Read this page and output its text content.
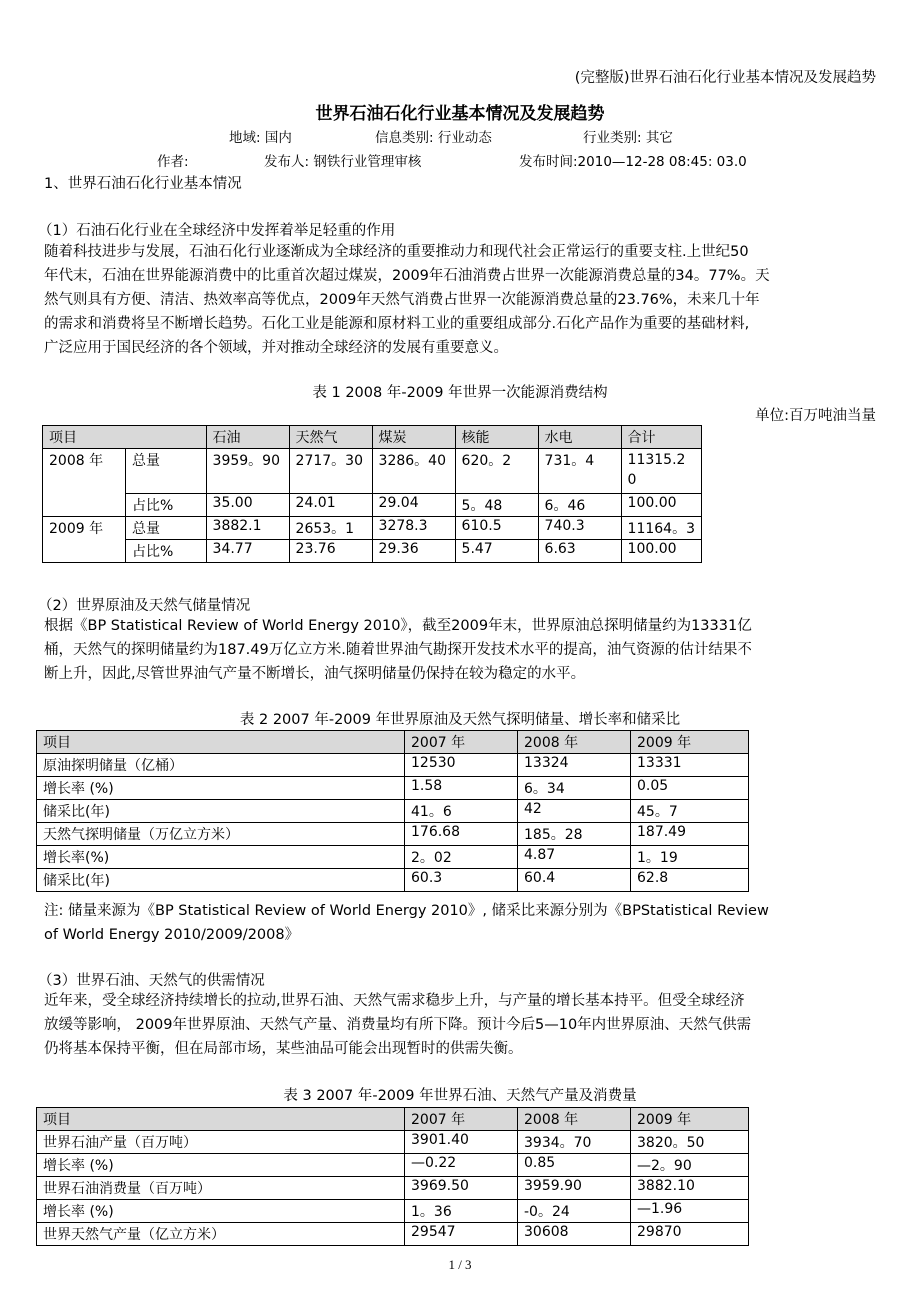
(完整版)世界石油石化行业基本情况及发展趋势
世界石油石化行业基本情况及发展趋势
地域: 国内	信息类别: 行业动态	行业类别: 其它
作者:	发布人: 钢铁行业管理审核	发布时间:2010—12-28 08:45: 03.0
1、世界石油石化行业基本情况
（1）石油石化行业在全球经济中发挥着举足轻重的作用
随着科技进步与发展，石油石化行业逐渐成为全球经济的重要推动力和现代社会正常运行的重要支柱.上世纪50
年代末，石油在世界能源消费中的比重首次超过煤炭，2009年石油消费占世界一次能源消费总量的34。77%。天
然气则具有方便、清洁、热效率高等优点，2009年天然气消费占世界一次能源消费总量的23.76%，未来几十年
的需求和消费将呈不断增长趋势。石化工业是能源和原材料工业的重要组成部分.石化产品作为重要的基础材料,
广泛应用于国民经济的各个领域，并对推动全球经济的发展有重要意义。
表 1 2008 年-2009 年世界一次能源消费结构
单位:百万吨油当量
项目		石油	天然气	煤炭	核能	水电	合计
2008 年	总量	3959。90	2717。30	3286。40	620。2	731。4	11315.2 0
	占比%	35.00	24.01	29.04	5。48	6。46	100.00
2009 年	总量	3882.1	2653。1	3278.3	610.5	740.3	11164。3
	占比%	34.77	23.76	29.36	5.47	6.63	100.00
（2）世界原油及天然气储量情况
根据《BP Statistical Review of World Energy 2010》，截至2009年末，世界原油总探明储量约为13331亿
桶，天然气的探明储量约为187.49万亿立方米.随着世界油气勘探开发技术水平的提高，油气资源的估计结果不
断上升，因此,尽管世界油气产量不断增长，油气探明储量仍保持在较为稳定的水平。
表 2 2007 年-2009 年世界原油及天然气探明储量、增长率和储采比
项目	2007 年	2008 年	2009 年
原油探明储量（亿桶）	12530	13324	13331
增长率 (%)	1.58	6。34	0.05
储采比(年)	41。6	42	45。7
天然气探明储量（万亿立方米）	176.68	185。28	187.49
增长率(%)	2。02	4.87	1。19
储采比(年)	60.3	60.4	62.8
注: 储量来源为《BP Statistical Review of World Energy 2010》, 储采比来源分别为《BPStatistical Review
of World Energy 2010/2009/2008》
（3）世界石油、天然气的供需情况
近年来，受全球经济持续增长的拉动,世界石油、天然气需求稳步上升，与产量的增长基本持平。但受全球经济
放缓等影响， 2009年世界原油、天然气产量、消费量均有所下降。预计今后5—10年内世界原油、天然气供需
仍将基本保持平衡，但在局部市场，某些油品可能会出现暂时的供需失衡。
表 3 2007 年-2009 年世界石油、天然气产量及消费量
项目	2007 年	2008 年	2009 年
世界石油产量（百万吨）	3901.40	3934。70	3820。50
增长率 (%)	—0.22	0.85	—2。90
世界石油消费量（百万吨）	3969.50	3959.90	3882.10
增长率 (%)	1。36	-0。24	—1.96
世界天然气产量（亿立方米）	29547	30608	29870
1 / 3
